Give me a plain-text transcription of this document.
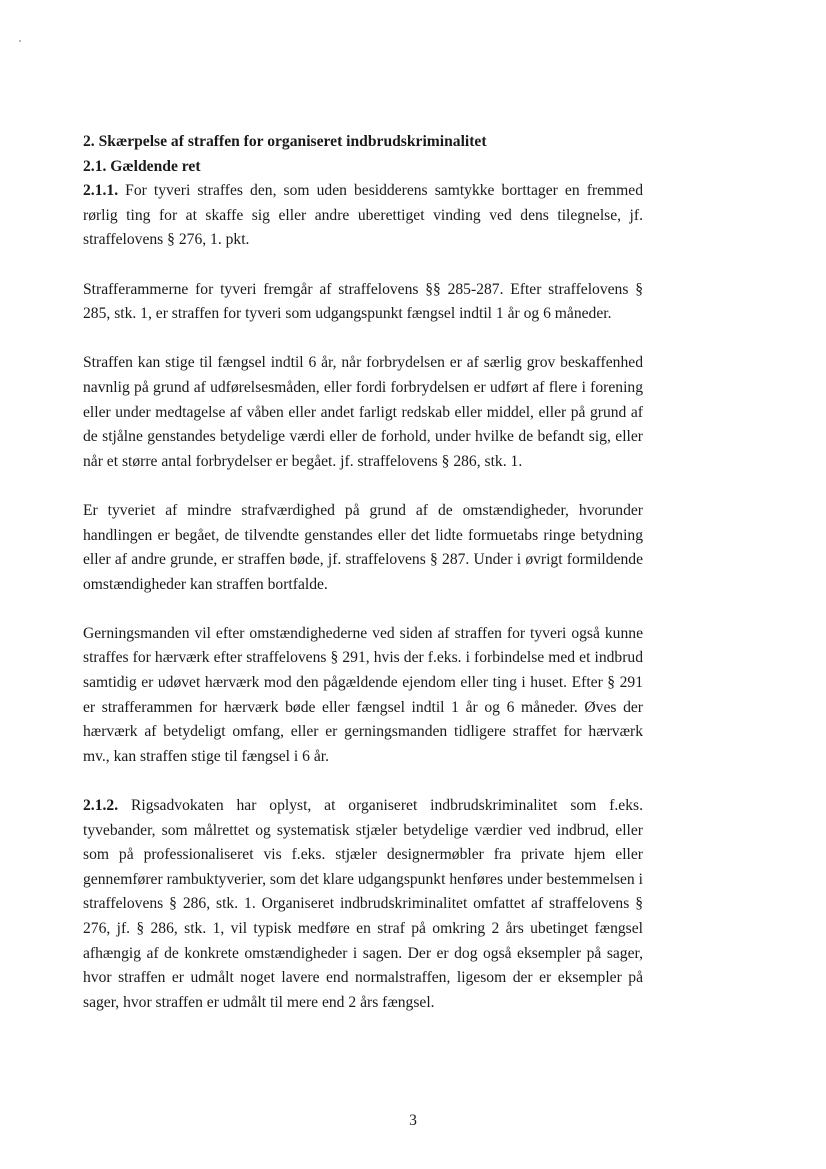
2. Skærpelse af straffen for organiseret indbrudskriminalitet

2.1. Gældende ret

2.1.1. For tyveri straffes den, som uden besidderens samtykke borttager en fremmed rørlig ting for at skaffe sig eller andre uberettiget vinding ved dens tilegnelse, jf. straffelovens § 276, 1. pkt.

Strafferammerne for tyveri fremgår af straffelovens §§ 285-287. Efter straffelovens § 285, stk. 1, er straffen for tyveri som udgangspunkt fængsel indtil 1 år og 6 måneder.

Straffen kan stige til fængsel indtil 6 år, når forbrydelsen er af særlig grov beskaffenhed navnlig på grund af udførelsesmåden, eller fordi forbrydelsen er udført af flere i forening eller under medtagelse af våben eller andet farligt redskab eller middel, eller på grund af de stjålne genstandes betydelige værdi eller de forhold, under hvilke de befandt sig, eller når et større antal forbrydelser er begået. jf. straffelovens § 286, stk. 1.

Er tyveriet af mindre strafværdighed på grund af de omstændigheder, hvorunder handlingen er begået, de tilvendte genstandes eller det lidte formuetabs ringe betydning eller af andre grunde, er straffen bøde, jf. straffelovens § 287. Under i øvrigt formildende omstændigheder kan straffen bortfalde.

Gerningsmanden vil efter omstændighederne ved siden af straffen for tyveri også kunne straffes for hærværk efter straffelovens § 291, hvis der f.eks. i forbindelse med et indbrud samtidig er udøvet hærværk mod den pågældende ejendom eller ting i huset. Efter § 291 er strafferammen for hærværk bøde eller fængsel indtil 1 år og 6 måneder. Øves der hærværk af betydeligt omfang, eller er gerningsmanden tidligere straffet for hærværk mv., kan straffen stige til fængsel i 6 år.

2.1.2. Rigsadvokaten har oplyst, at organiseret indbrudskriminalitet som f.eks. tyvebander, som målrettet og systematisk stjæler betydelige værdier ved indbrud, eller som på professionaliseret vis f.eks. stjæler designermøbler fra private hjem eller gennemfører rambuktyverier, som det klare udgangspunkt henføres under bestemmelsen i straffelovens § 286, stk. 1. Organiseret indbrudskriminalitet omfattet af straffelovens § 276, jf. § 286, stk. 1, vil typisk medføre en straf på omkring 2 års ubetinget fængsel afhængig af de konkrete omstændigheder i sagen. Der er dog også eksempler på sager, hvor straffen er udmålt noget lavere end normalstraffen, ligesom der er eksempler på sager, hvor straffen er udmålt til mere end 2 års fængsel.

3
